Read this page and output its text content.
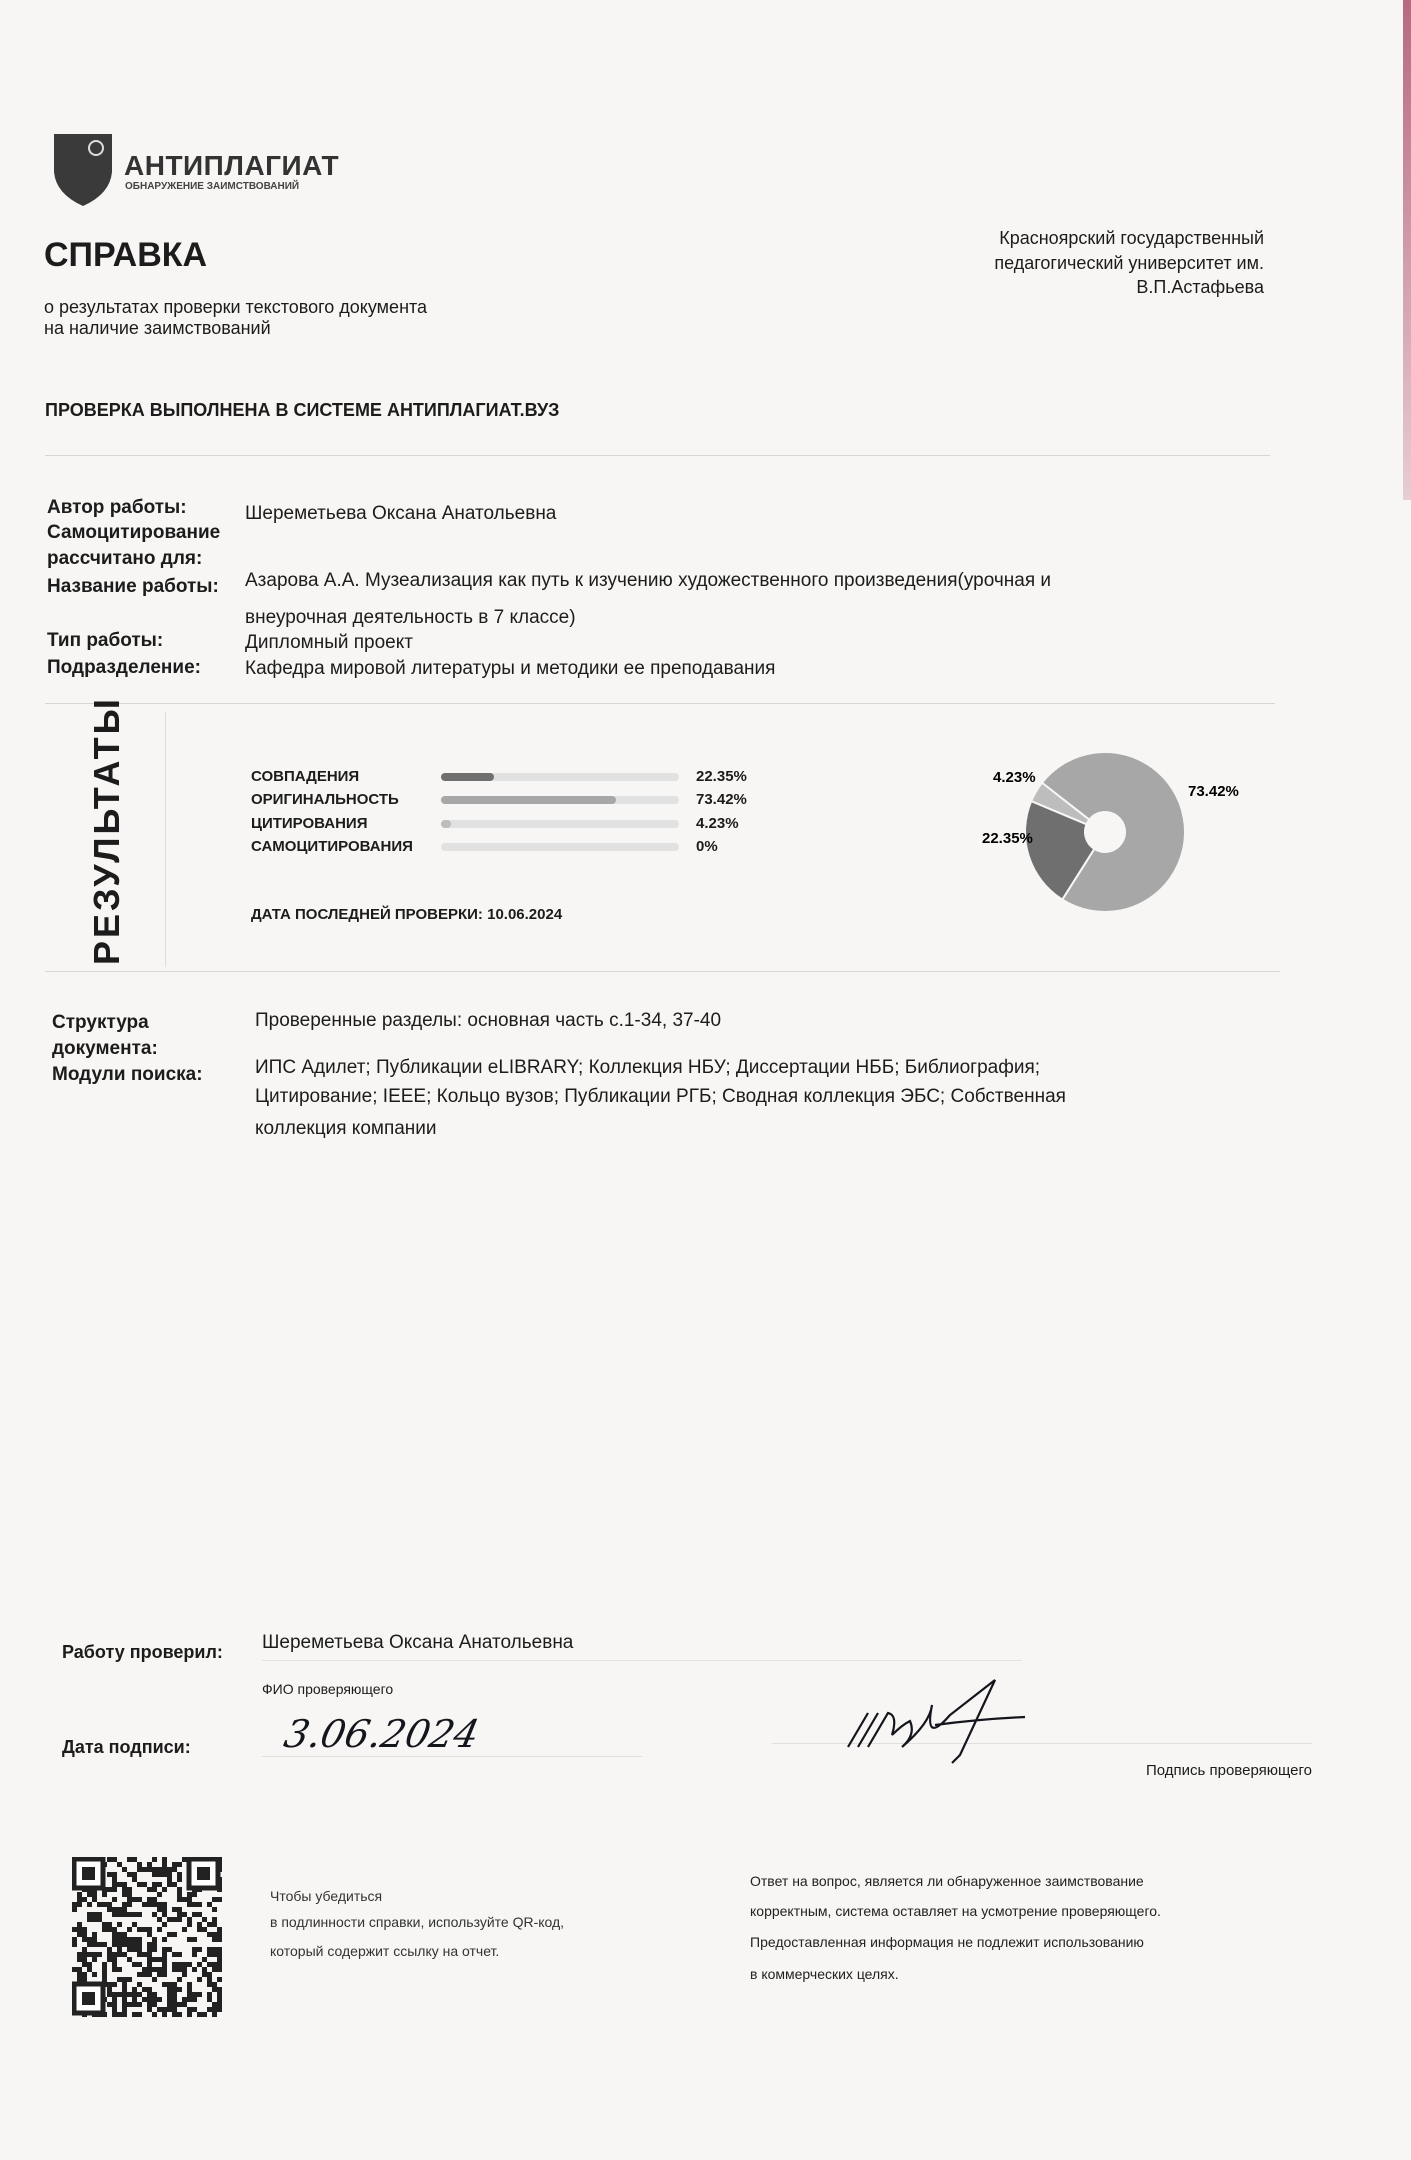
АНТИПЛАГИАТ
ОБНАРУЖЕНИЕ ЗАИМСТВОВАНИЙ
СПРАВКА
о результатах проверки текстового документа
на наличие заимствований
Красноярский государственный
педагогический университет им.
В.П.Астафьева
ПРОВЕРКА ВЫПОЛНЕНА В СИСТЕМЕ АНТИПЛАГИАТ.ВУЗ
Автор работы:	Шереметьева Оксана Анатольевна
Самоцитирование
рассчитано для:
Название работы: Азарова А.А. Музеализация как путь к изучению художественного произведения(урочная и
внеурочная деятельность в 7 классе)
Тип работы:	Дипломный проект
Подразделение: Кафедра мировой литературы и методики ее преподавания
РЕЗУЛЬТАТЫ	СОВПАДЕНИЯ	22.35%
ОРИГИНАЛЬНОСТЬ	73.42%
ЦИТИРОВАНИЯ	4.23%
САМОЦИТИРОВАНИЯ	0%
ДАТА ПОСЛЕДНЕЙ ПРОВЕРКИ: 10.06.2024
73.42%
4.23%
22.35%
Структура
документа:
Проверенные разделы: основная часть с.1-34, 37-40
Модули поиска:	ИПС Адилет; Публикации eLIBRARY; Коллекция НБУ; Диссертации НББ; Библиография;
Цитирование; IEEE; Кольцо вузов; Публикации РГБ; Сводная коллекция ЭБС; Собственная
коллекция компании
Работу проверил: Шереметьева Оксана Анатольевна
ФИО проверяющего
Дата подписи: 3.06.2024
Подпись проверяющего
Чтобы убедиться
в подлинности справки, используйте QR-код,
который содержит ссылку на отчет.
Ответ на вопрос, является ли обнаруженное заимствование
корректным, система оставляет на усмотрение проверяющего.
Предоставленная информация не подлежит использованию
в коммерческих целях.
